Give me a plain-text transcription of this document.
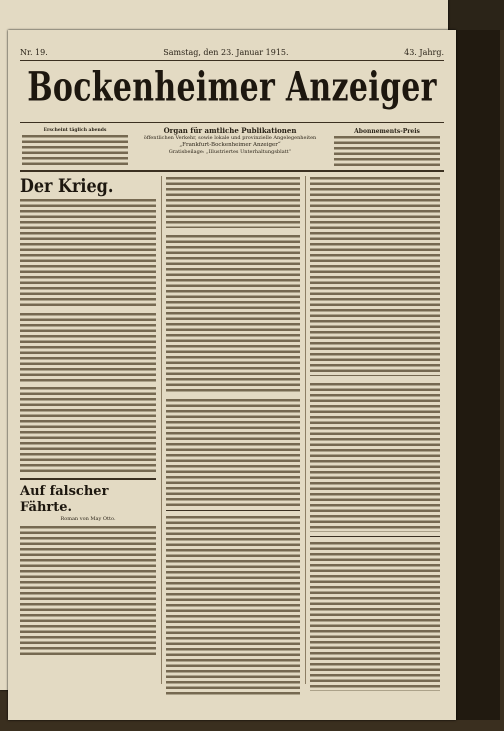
Nr. 19.	Samstag, den 23. Januar 1915.	43. Jahrg.
Bockenheimer Anzeiger
Erscheint täglich abends	Organ für amtliche Publikationen
öffentlichen Verkehr, sowie lokale und provinzielle Angelegenheiten
„Frankfurt-Bockenheimer Anzeiger“
Gratisbeilage: „Illustriertes Unterhaltungsblatt“
Abonnements-Preis
Der Krieg.
Auf falscher Fährte.
Roman von May Otto.
